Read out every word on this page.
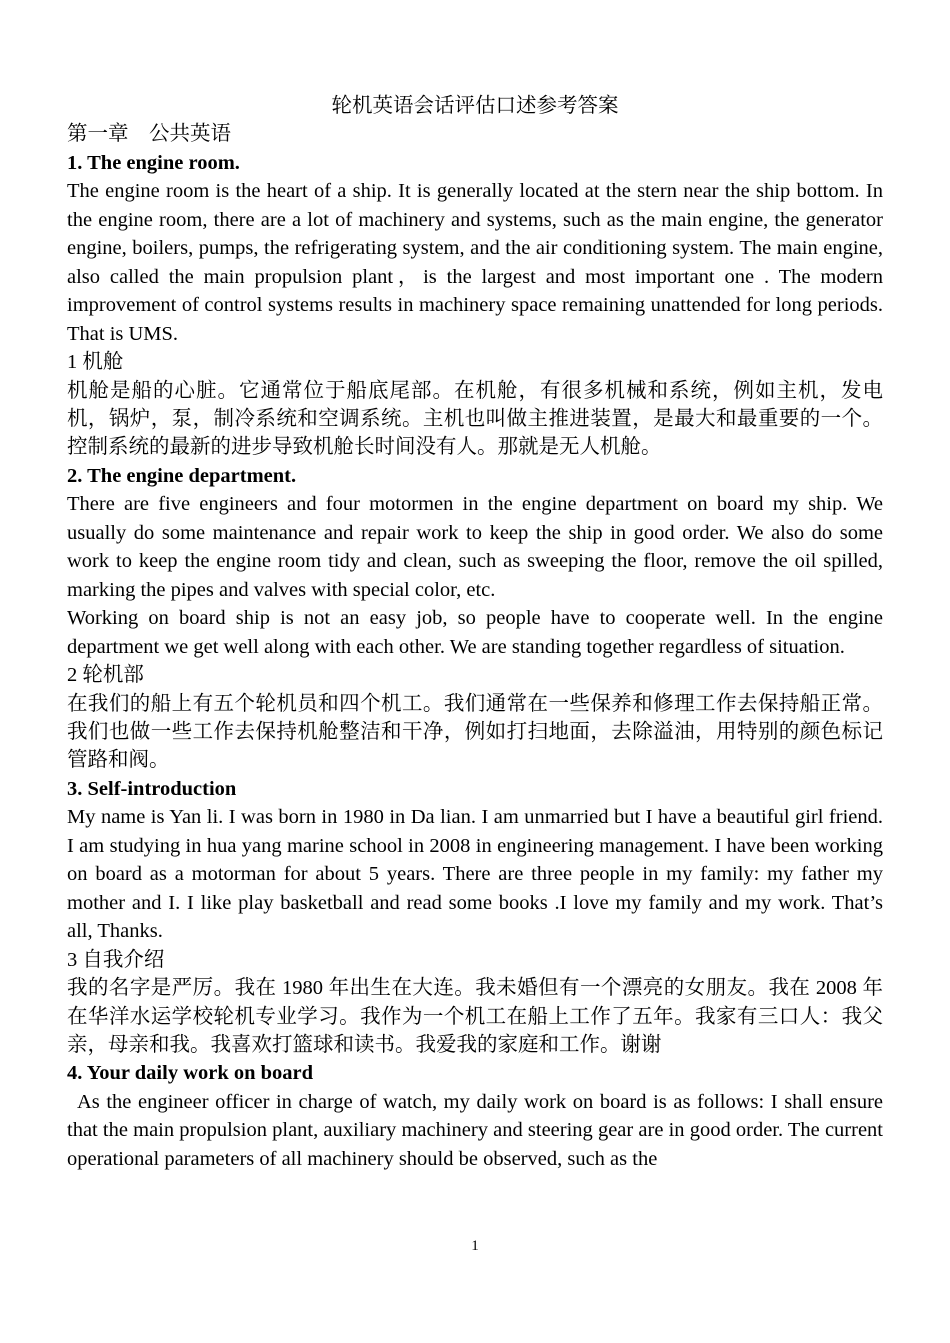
轮机英语会话评估口述参考答案

第一章　公共英语

1. The engine room.

The engine room is the heart of a ship. It is generally located at the stern near the ship bottom. In the engine room, there are a lot of machinery and systems, such as the main engine, the generator engine, boilers, pumps, the refrigerating system, and the air conditioning system. The main engine, also called the main propulsion plant，is the largest and most important one . The modern improvement of control systems results in machinery space remaining unattended for long periods. That is UMS.

1 机舱

机舱是船的心脏。它通常位于船底尾部。在机舱，有很多机械和系统，例如主机，发电机，锅炉，泵，制冷系统和空调系统。主机也叫做主推进装置，是最大和最重要的一个。控制系统的最新的进步导致机舱长时间没有人。那就是无人机舱。

2. The engine department.

There are five engineers and four motormen in the engine department on board my ship. We usually do some maintenance and repair work to keep the ship in good order. We also do some work to keep the engine room tidy and clean, such as sweeping the floor, remove the oil spilled, marking the pipes and valves with special color, etc.

Working on board ship is not an easy job, so people have to cooperate well. In the engine department we get well along with each other. We are standing together regardless of situation.

2 轮机部

在我们的船上有五个轮机员和四个机工。我们通常在一些保养和修理工作去保持船正常。我们也做一些工作去保持机舱整洁和干净，例如打扫地面，去除溢油，用特别的颜色标记管路和阀。

3. Self-introduction

My name is Yan li. I was born in 1980 in Da lian. I am unmarried but I have a beautiful girl friend. I am studying in hua yang marine school in 2008 in engineering management. I have been working on board as a motorman for about 5 years. There are three people in my family: my father my mother and I. I like play basketball and read some books .I love my family and my work. That’s all, Thanks.

3 自我介绍

我的名字是严厉。我在 1980 年出生在大连。我未婚但有一个漂亮的女朋友。我在 2008 年在华洋水运学校轮机专业学习。我作为一个机工在船上工作了五年。我家有三口人：我父亲，母亲和我。我喜欢打篮球和读书。我爱我的家庭和工作。谢谢

4. Your daily work on board

As the engineer officer in charge of watch, my daily work on board is as follows: I shall ensure that the main propulsion plant, auxiliary machinery and steering gear are in good order. The current operational parameters of all machinery should be observed, such as the

1
